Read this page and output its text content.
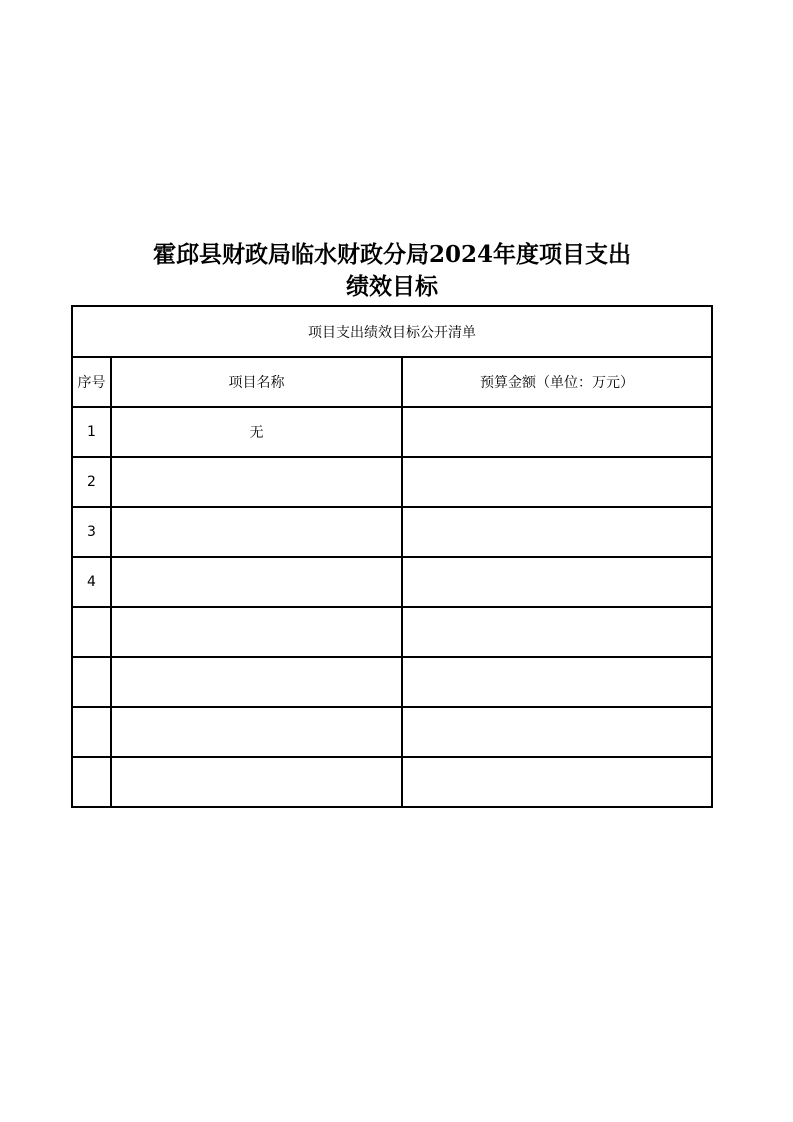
霍邱县财政局临水财政分局2024年度项目支出
绩效目标
项目支出绩效目标公开清单		
序号	项目名称	预算金额（单位：万元）
1	无	
2		
3		
4		
